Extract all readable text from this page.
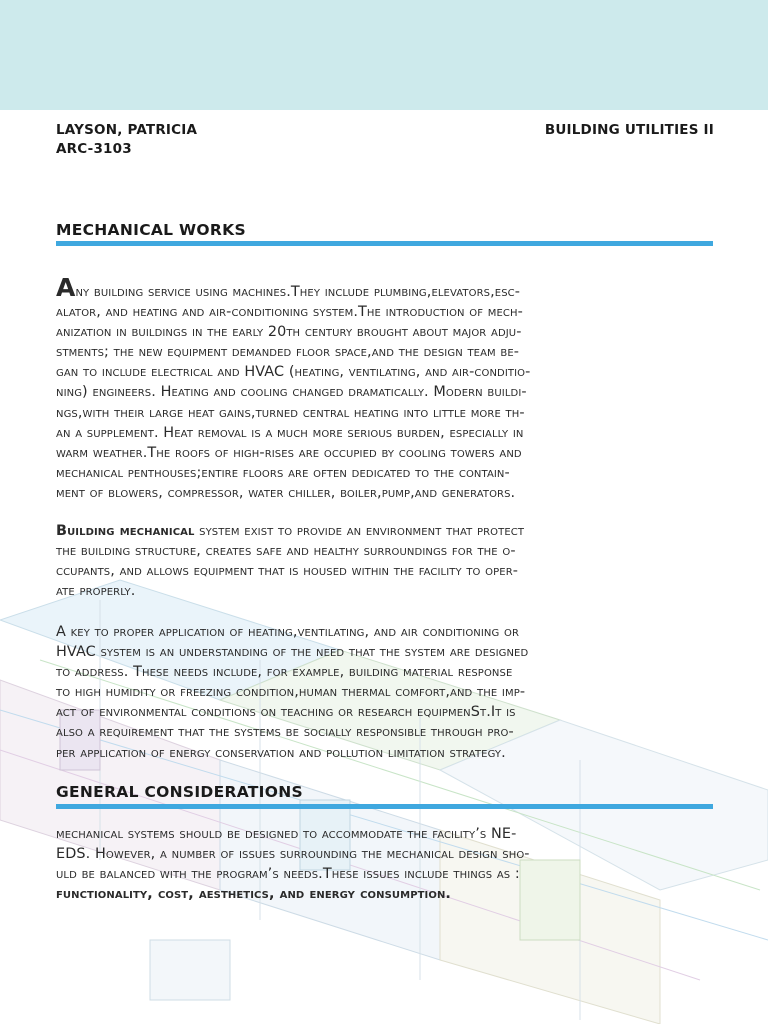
LAYSON, PATRICIA
ARC-3103
BUILDING UTILITIES II
MECHANICAL WORKS
Any building service using machines.They include plumbing,elevators,esc-
alator, and heating and air-conditioning system.The introduction of mech-
anization in buildings in the early 20th century brought about major adju-
stments; the new equipment demanded floor space,and the design team be-
gan to include electrical and HVAC (heating, ventilating, and air-conditio-
ning) engineers. Heating and cooling changed dramatically. Modern buildi-
ngs,with their large heat gains,turned central heating into little more th-
an a supplement. Heat removal is a much more serious burden, especially in
warm weather.The roofs of high-rises are occupied by cooling towers and
mechanical penthouses;entire floors are often dedicated to the contain-
ment of blowers, compressor, water chiller, boiler,pump,and generators.
Building mechanical system exist to provide an environment that protect
the building structure, creates safe and healthy surroundings for the o-
ccupants, and allows equipment that is housed within the facility to oper-
ate properly.
A key to proper application of heating,ventilating, and air conditioning or
HVAC system is an understanding of the need that the system are designed
to address. These needs include, for example, building material response
to high humidity or freezing condition,human thermal comfort,and the imp-
act of environmental conditions on teaching or research equipmenSt.It is
also a requirement that the systems be socially responsible through pro-
per application of energy conservation and pollution limitation strategy.
GENERAL CONSIDERATIONS
mechanical systems should be designed to accommodate the facility’s NE-
EDS. However, a number of issues surrounding the mechanical design sho-
uld be balanced with the program’s needs.These issues include things as :
functionality, cost, aesthetics, and energy consumption.
